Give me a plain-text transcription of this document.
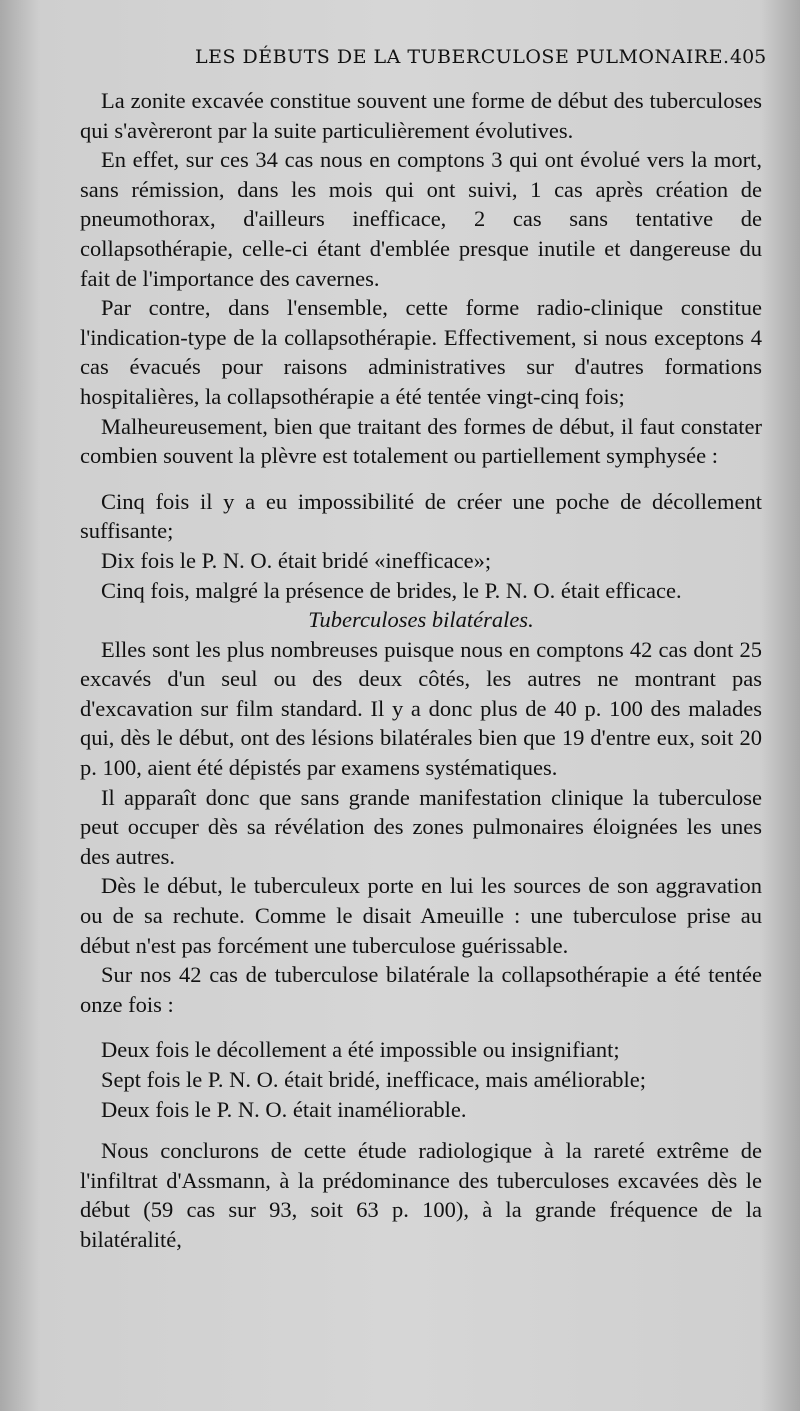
LES DÉBUTS DE LA TUBERCULOSE PULMONAIRE. 405

La zonite excavée constitue souvent une forme de début des tuberculoses qui s'avèreront par la suite particulièrement évolutives.

En effet, sur ces 34 cas nous en comptons 3 qui ont évolué vers la mort, sans rémission, dans les mois qui ont suivi, 1 cas après création de pneumothorax, d'ailleurs inefficace, 2 cas sans tentative de collapsothérapie, celle-ci étant d'emblée presque inutile et dangereuse du fait de l'importance des cavernes.

Par contre, dans l'ensemble, cette forme radio-clinique constitue l'indication-type de la collapsothérapie. Effectivement, si nous exceptons 4 cas évacués pour raisons administratives sur d'autres formations hospitalières, la collapsothérapie a été tentée vingt-cinq fois;

Malheureusement, bien que traitant des formes de début, il faut constater combien souvent la plèvre est totalement ou partiellement symphysée :

Cinq fois il y a eu impossibilité de créer une poche de décollement suffisante;

Dix fois le P. N. O. était bridé «inefficace»;

Cinq fois, malgré la présence de brides, le P. N. O. était efficace.

Tuberculoses bilatérales.

Elles sont les plus nombreuses puisque nous en comptons 42 cas dont 25 excavés d'un seul ou des deux côtés, les autres ne montrant pas d'excavation sur film standard. Il y a donc plus de 40 p. 100 des malades qui, dès le début, ont des lésions bilatérales bien que 19 d'entre eux, soit 20 p. 100, aient été dépistés par examens systématiques.

Il apparaît donc que sans grande manifestation clinique la tuberculose peut occuper dès sa révélation des zones pulmonaires éloignées les unes des autres.

Dès le début, le tuberculeux porte en lui les sources de son aggravation ou de sa rechute. Comme le disait Ameuille : une tuberculose prise au début n'est pas forcément une tuberculose guérissable.

Sur nos 42 cas de tuberculose bilatérale la collapsothérapie a été tentée onze fois :

Deux fois le décollement a été impossible ou insignifiant;

Sept fois le P. N. O. était bridé, inefficace, mais améliorable;

Deux fois le P. N. O. était inaméliorable.

Nous conclurons de cette étude radiologique à la rareté extrême de l'infiltrat d'Assmann, à la prédominance des tuberculoses excavées dès le début (59 cas sur 93, soit 63 p. 100), à la grande fréquence de la bilatéralité,
